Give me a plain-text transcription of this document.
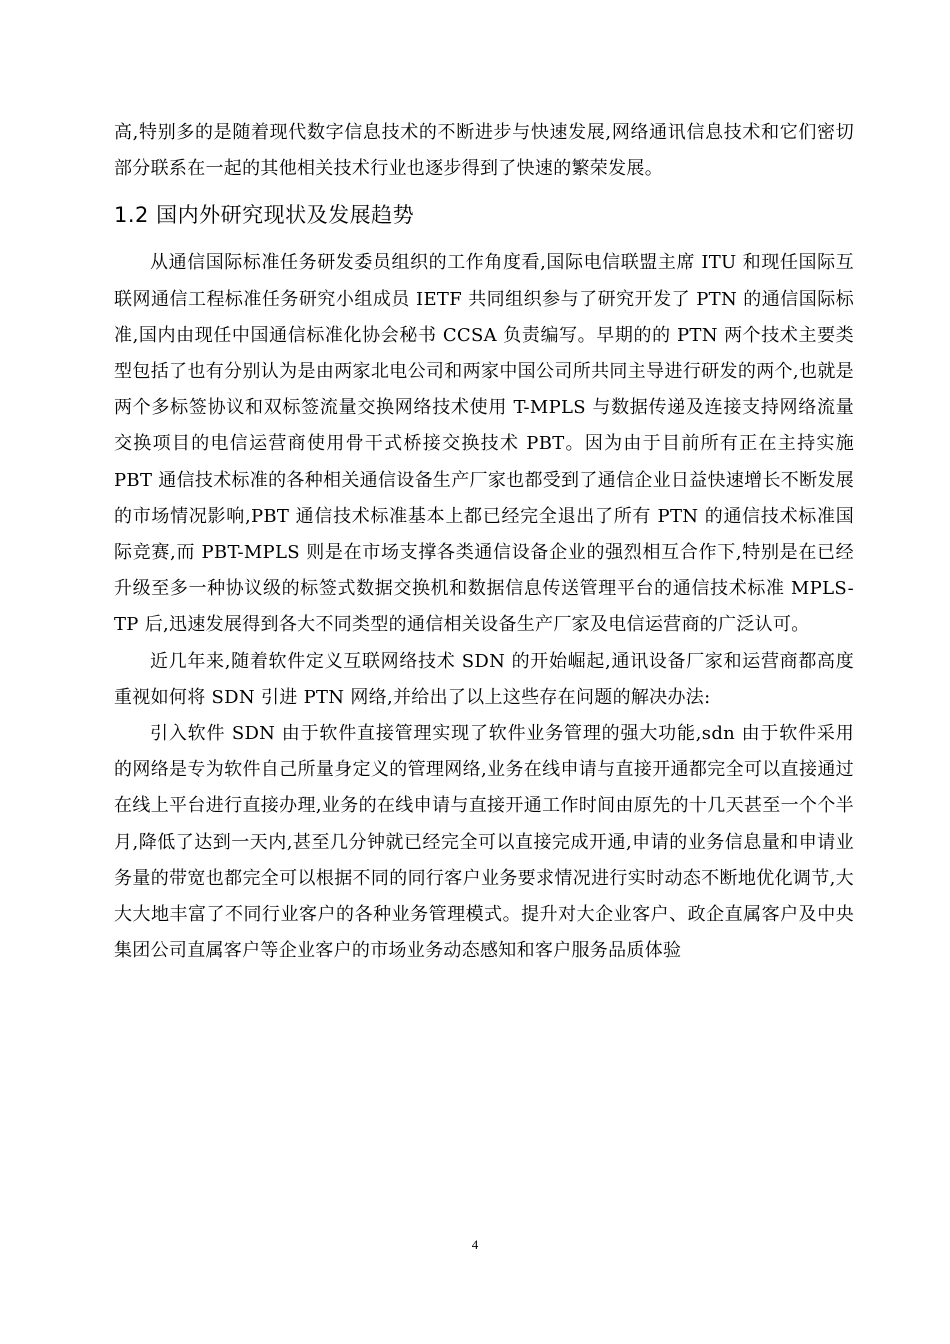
高,特别多的是随着现代数字信息技术的不断进步与快速发展,网络通讯信息技术和它们密切部分联系在一起的其他相关技术行业也逐步得到了快速的繁荣发展。

1.2 国内外研究现状及发展趋势

从通信国际标准任务研发委员组织的工作角度看,国际电信联盟主席 ITU 和现任国际互联网通信工程标准任务研究小组成员 IETF 共同组织参与了研究开发了 PTN 的通信国际标准,国内由现任中国通信标准化协会秘书 CCSA 负责编写。早期的的 PTN 两个技术主要类型包括了也有分别认为是由两家北电公司和两家中国公司所共同主导进行研发的两个,也就是两个多标签协议和双标签流量交换网络技术使用 T-MPLS 与数据传递及连接支持网络流量交换项目的电信运营商使用骨干式桥接交换技术 PBT。因为由于目前所有正在主持实施 PBT 通信技术标准的各种相关通信设备生产厂家也都受到了通信企业日益快速增长不断发展的市场情况影响,PBT 通信技术标准基本上都已经完全退出了所有 PTN 的通信技术标准国际竞赛,而 PBT-MPLS 则是在市场支撑各类通信设备企业的强烈相互合作下,特别是在已经升级至多一种协议级的标签式数据交换机和数据信息传送管理平台的通信技术标准 MPLS-TP 后,迅速发展得到各大不同类型的通信相关设备生产厂家及电信运营商的广泛认可。

近几年来,随着软件定义互联网络技术 SDN 的开始崛起,通讯设备厂家和运营商都高度重视如何将 SDN 引进 PTN 网络,并给出了以上这些存在问题的解决办法:

引入软件 SDN 由于软件直接管理实现了软件业务管理的强大功能,sdn 由于软件采用的网络是专为软件自己所量身定义的管理网络,业务在线申请与直接开通都完全可以直接通过在线上平台进行直接办理,业务的在线申请与直接开通工作时间由原先的十几天甚至一个个半月,降低了达到一天内,甚至几分钟就已经完全可以直接完成开通,申请的业务信息量和申请业务量的带宽也都完全可以根据不同的同行客户业务要求情况进行实时动态不断地优化调节,大大大地丰富了不同行业客户的各种业务管理模式。提升对大企业客户、政企直属客户及中央集团公司直属客户等企业客户的市场业务动态感知和客户服务品质体验

4
